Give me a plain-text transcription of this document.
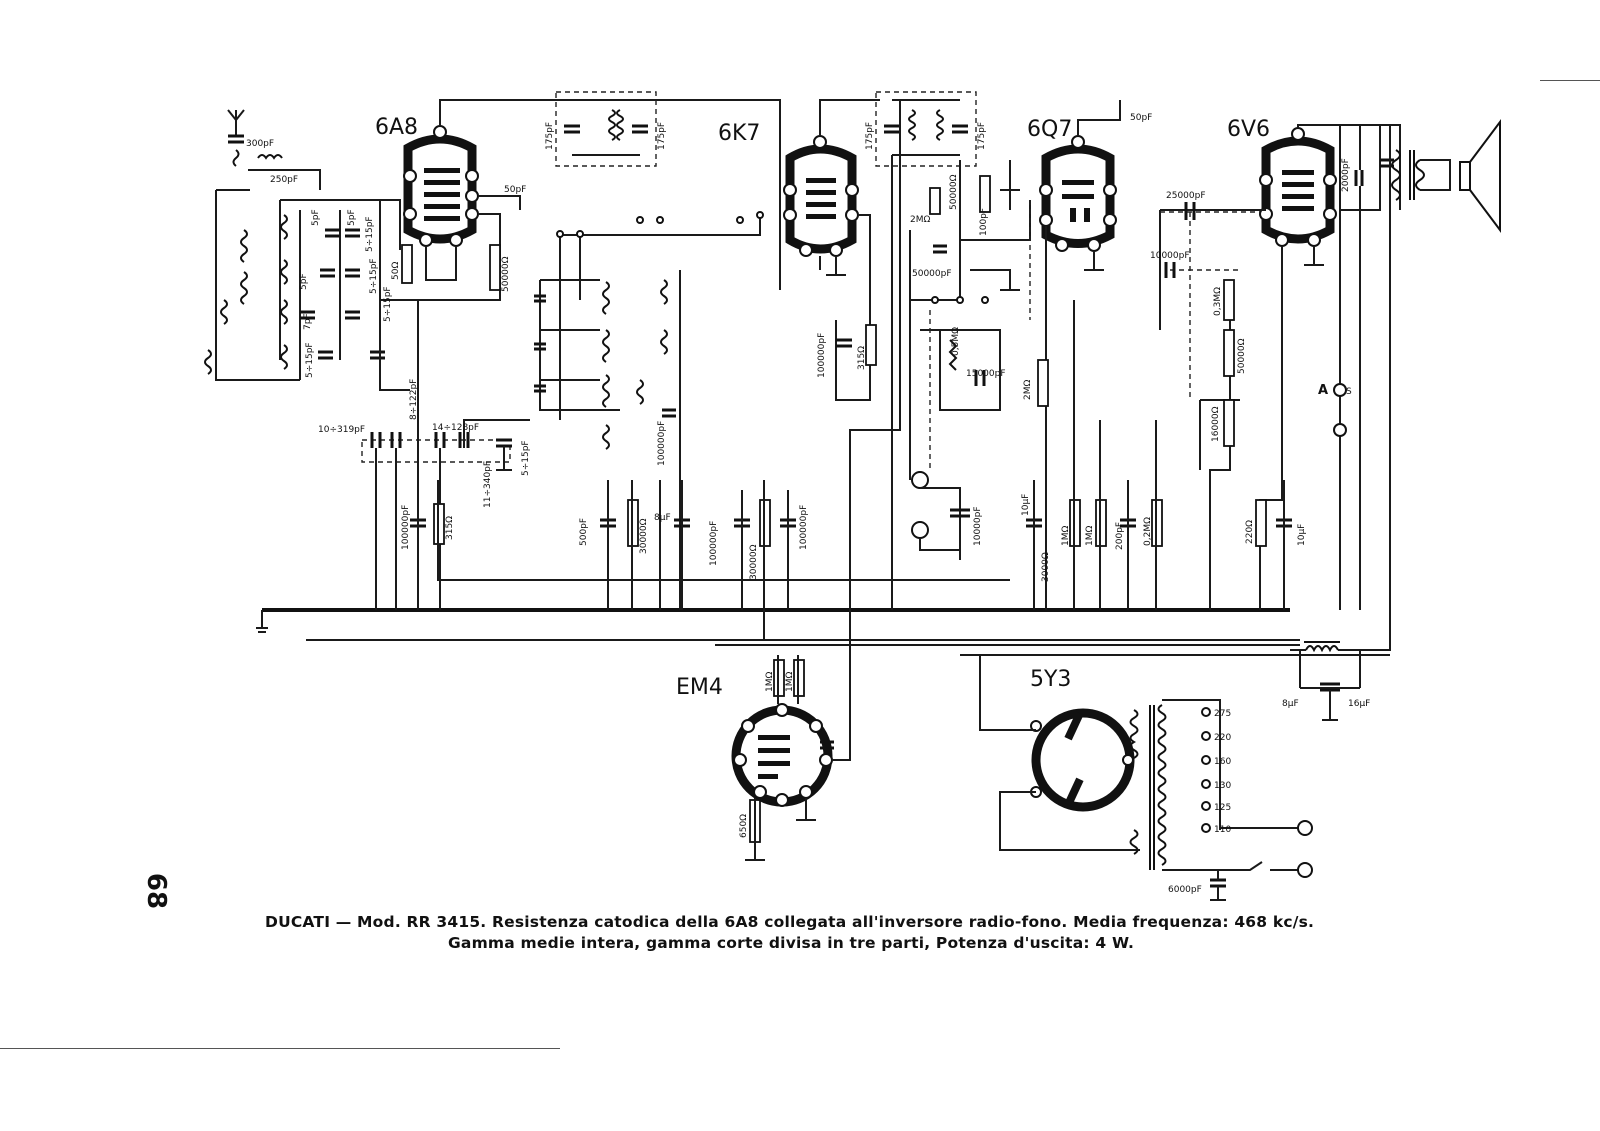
6A8	6K7	6Q7	6V6
EM4	5Y3
300pF
250pF
5pF	5pF 5÷15pF
5pF	5÷15pF
7pF	5÷15pF
5÷15pF
8÷122pF
10÷319pF	14÷128pF
11÷340pF
5÷15pF
50Ω
50pF
50000Ω
175pF	175pF	175pF	175pF
100000pF	315Ω
100000pF	315Ω	500pF	30000Ω
8μF
100000pF	30000Ω
100000pF
100000pF
2MΩ
50000pF
50000Ω
100pF
50pF
0,5MΩ
15000pF
2MΩ
10000pF
10μF
3000Ω
1MΩ 1MΩ 200pF 0,2MΩ
25000pF
10000pF
0,3MΩ
50000Ω
16000Ω
220Ω	10μF
2000pF
A S
1MΩ 1MΩ
650Ω
8μF	16μF
6000pF
275
220
160
130
125
110
68
DUCATI — Mod. RR 3415. Resistenza catodica della 6A8 collegata all'inversore radio-fono. Media frequenza: 468 kc/s.
Gamma medie intera, gamma corte divisa in tre parti, Potenza d'uscita: 4 W.
